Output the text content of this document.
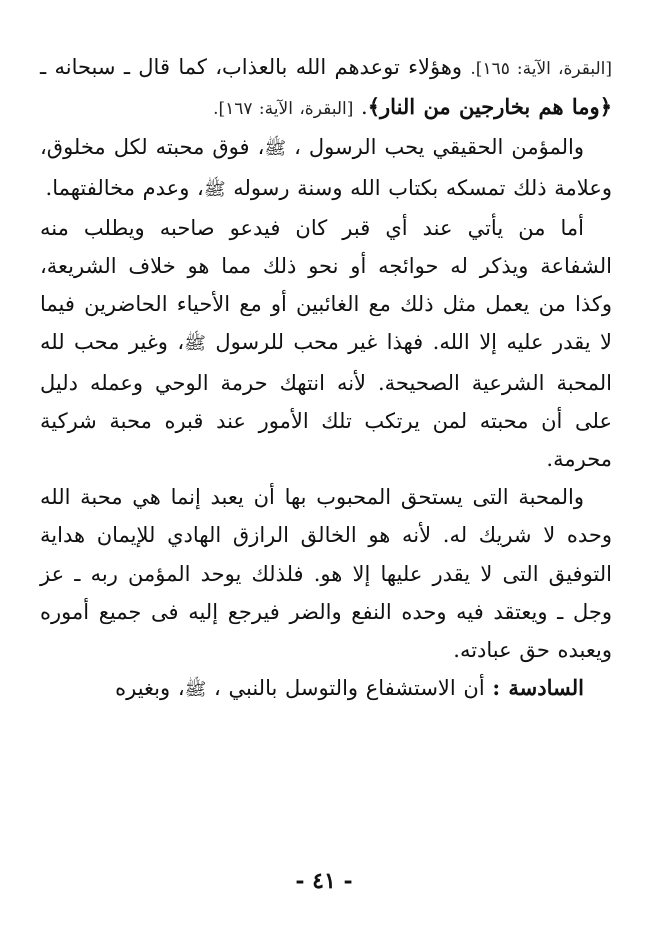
[البقرة، الآية: ١٦٥]. وهؤلاء توعدهم الله بالعذاب، كما قال ـ سبحانه ـ ﴿وما هم بخارجين من النار﴾. [البقرة، الآية: ١٦٧].

والمؤمن الحقيقي يحب الرسول ، ﷺ، فوق محبته لكل مخلوق، وعلامة ذلك تمسكه بكتاب الله وسنة رسوله ﷺ، وعدم مخالفتهما.

أما من يأتي عند أي قبر كان فيدعو صاحبه ويطلب منه الشفاعة ويذكر له حوائجه أو نحو ذلك مما هو خلاف الشريعة، وكذا من يعمل مثل ذلك مع الغائبين أو مع الأحياء الحاضرين فيما لا يقدر عليه إلا الله. فهذا غير محب للرسول ﷺ، وغير محب لله المحبة الشرعية الصحيحة. لأنه انتهك حرمة الوحي وعمله دليل على أن محبته لمن يرتكب تلك الأمور عند قبره محبة شركية محرمة.

والمحبة التى يستحق المحبوب بها أن يعبد إنما هي محبة الله وحده لا شريك له. لأنه هو الخالق الرازق الهادي للإيمان هداية التوفيق التى لا يقدر عليها إلا هو. فلذلك يوحد المؤمن ربه ـ عز وجل ـ ويعتقد فيه وحده النفع والضر فيرجع إليه فى جميع أموره ويعبده حق عبادته.

السادسة : أن الاستشفاع والتوسل بالنبي ، ﷺ، وبغيره

- ٤١ -
